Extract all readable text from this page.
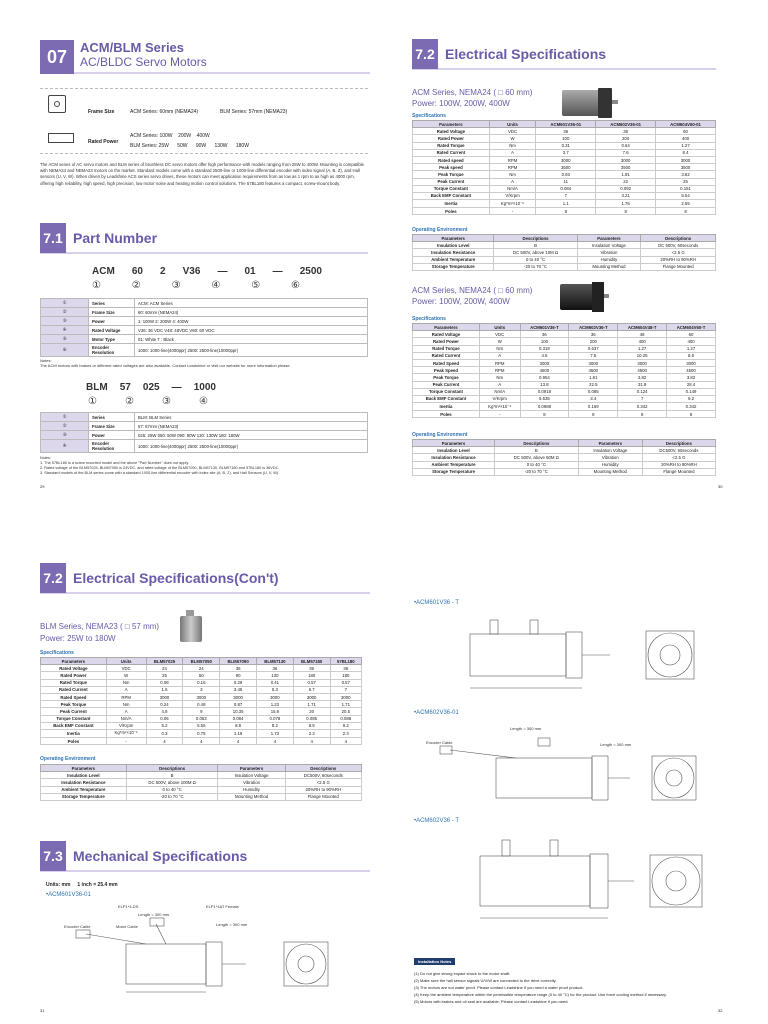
07 ACM/BLM Series
AC/BLDC Servo Motors
Frame Size	ACM Series: 60mm (NEMA24)	BLM Series: 57mm (NEMA23)
Rated Power
ACM Series: 100W    200W    400W
BLM Series: 25W      50W      90W      130W      180W
The ACM series of AC servo motors and BLM series of brushless DC servo motors offer high performance with models ranging from 25W to 400W. Mounting is compatible with NEMA24 and NEMA23 motors on the market. Standard models come with a standard 2500-line or 1000-line differential encoder with index signal (A, B, Z), and Hall sensors (U, V, W). When driven by Leadshine ACS series servo drives, these motors can meet application requirements from as low as 1 rpm to as high as 4000 rpm, offering high reliability, high speed, high precision, low motor noise and heating motion control solutions. The 57BL180 features a compact, screw-mount body.
7.1 Part Number
ACM 60 2 V36 — 01 — 2500
①	②	③	④	⑤	⑥
①	Series	ACM: ACM Series
②	Frame Size	60: 60mm (NEMA24)
③	Power	1: 100W 2: 200W 4: 400W
④	Rated Voltage	V36: 36 VDC V48: 48VDC V60: 60 VDC
⑤	Motor Type	01: White T : Black
⑥	Encoder Resolution	1000: 1000-line(4000ppr) 2500: 2500-line(10000ppr)
Notes:
The ACM motors with brakes or different rated voltages are also available. Contact Leadshine or visit our website for more information please.
BLM 57 025 — 1000
①	②	③	④
①	Series	BLM: BLM Series
②	Frame Size	57: 57mm (NEMA23)
③	Power	025: 25W 050: 50W 090: 90W 130: 130W 180: 180W
④	Encoder Resolution	1000: 1000-line(4000ppr) 2500: 2500-line(10000ppr)
Notes:
1. The 57BL180 is a screw mounted model and the above "Part Number" does not apply.
2. Rated voltage of the BLM57025, BLM57050 is 24VDC, and rated voltage of the BLM57090, BLM57130, BLM57180 and 57BL180 is 36VDC.
3. Standard models of the BLM series come with a standard 1000-line differential encoder with index site (A, B, Z), and Hall Sensors (U, V, W).
29
7.2 Electrical Specifications
ACM Series, NEMA24 ( □ 60 mm)
Power: 100W, 200W, 400W
Specifications
Parameters	Units	ACM601V36-01	ACM602V36-01	ACM604V60-01
Rated Voltage	VDC	36	36	60
Rated Power	W	100	200	400
Rated Torque	Nm	0.31	0.64	1.27
Rated Current	A	3.7	7.6	8.4
Rated speed	RPM	3000	3000	3000
Peak speed	RPM	3500	3500	3500
Peak Torque	Nm	0.93	1.91	3.82
Peak Current	A	11	22	25
Torque Constant	Nm/A	0.084	0.092	0.151
Back EMF Constant	V/Krpm	7	3.21	5.54
Inertia	Kg*m²×10⁻⁵	1.1	1.76	2.55
Poles	-	8	8	8
Operating Environment
Parameters	Descriptions	Parameters	Descriptions
Insulation Level	B	Insulation Voltage	DC 500V, 60seconds
Insulation Resistance	DC 500V, above 10M Ω	Vibration	<2.5 G
Ambient Temperature	0 to 40 °C	Humidity	20%RH to 90%RH
Storage Temperature	-20 to 70 °C	Mounting Method	Flange Mounted
ACM Series, NEMA24 ( □ 60 mm)
Power: 100W, 200W, 400W
Specifications
Parameters	Units	ACM601V36-T	ACM602V36-T	ACM604V48-T	ACM604V60-T
Rated Voltage	VDC	36	36	48	60
Rated Power	W	100	200	400	400
Rated Torque	Nm	0.318	0.637	1.27	1.27
Rated Current	A	4.6	7.5	10.25	8.5
Rated Speed	RPM	3000	3000	3000	3000
Peak Speed	RPM	4500	4500	4500	4500
Peak Torque	Nm	0.954	1.91	3.82	3.82
Peak Current	A	13.8	22.5	31.8	28.4
Torque Constant	Nm/A	0.0918	0.085	0.124	0.149
Back EMF Constant	V/Krpm	5.535	3.4	7	9.2
Inertia	Kg*m²×10⁻⁵	0.0988	0.169	0.342	0.342
Poles	-	8	8	8	8
Operating Environment
Parameters	Descriptions	Parameters	Descriptions
Insulation Level	B	Insulation Voltage	DC500V, 60seconds
Insulation Resistance	DC 500V, above 50M Ω	Vibration	<2.5 G
Ambient Temperature	0 to 40 °C	Humidity	20%RH to 90%RH
Storage Temperature	-20 to 70 °C	Mounting Method	Flange Mounted
30
7.2 Electrical Specifications(Con't)
BLM Series, NEMA23 ( □ 57 mm)
Power: 25W to 180W
Specifications
Parameters	Units	BLM57025	BLM57050	BLM57090	BLM57130	BLM57180	57BL180
Rated Voltage	VDC	24	24	36	36	36	36
Rated Power	W	25	50	90	130	180	180
Rated Torque	Nm	0.08	0.16	0.29	0.41	0.57	0.57
Rated Current	A	1.6	3	3.45	5.3	6.7	7
Rated Speed	RPM	3000	3000	3000	3000	3000	3000
Peak Torque	Nm	0.24	0.48	0.87	1.23	1.71	1.71
Peak Current	A	4.8	9	10.35	15.9	20	20.5
Torque Constant	Nm/A	0.05	0.053	0.084	0.078	0.085	0.088
Back EMF Constant	V/Krpm	5.2	5.55	8.8	8.2	8.9	9.2
Inertia	Kg*m²×10⁻⁵	0.3	0.75	1.19	1.73	2.3	2.3
Poles	-	4	4	4	4	4	4
Operating Environment
Parameters	Descriptions	Parameters	Descriptions
Insulation Level	B	Insulation Voltage	DC500V, 60seconds
Insulation Resistance	DC 500V, above 100M Ω	Vibration	<2.5 G
Ambient Temperature	0 to 40 °C	Humidity	20%RH to 90%RH
Storage Temperature	-20 to 70 °C	Mounting Method	Flange Mounted
7.3 Mechanical Specifications
Units: mm     1 inch = 25.4 mm
•ACM601V36-01
Encoder Cable	Motor Cable
Length = 300 mm
Length = 300 mm
ELP1*4-DS	ELP1*4AT Female
31
•ACM601V36 - T
•ACM602V36-01
Encoder Cable
Length = 300 mm
Length = 300 mm
•ACM602V36 - T
Installation Notes
(1) Do not give strong impact shock to the motor shaft.
(2) Make sure the hall sensor signals U/V/W are connected to the drive correctly.
(3) The motors are not water proof. Please contact Leadshine if you need a water proof product.
(4) Keep the ambient temperature within the permissible temperature range (0 to 40 °C) for the product. Use force cooling method if necessary.
(5) Motors with brakes and oil seal are available. Please contact Leadshine if you need.
32
